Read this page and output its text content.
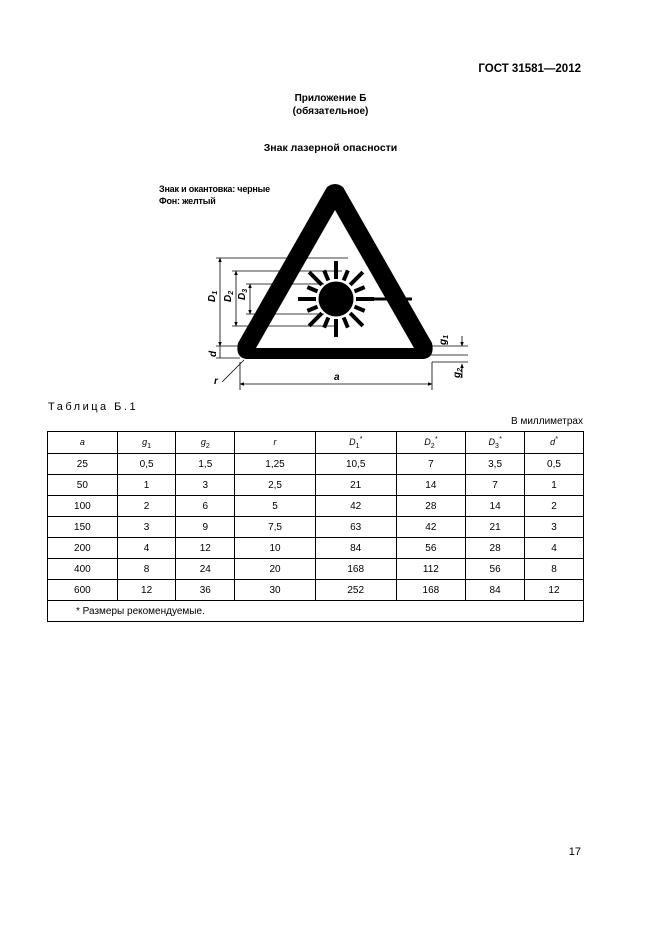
ГОСТ 31581—2012
Приложение Б
(обязательное)
Знак лазерной опасности
Знак и окантовка: черные
Фон: желтый
$D_1$
$D_2$ $D_3$
d
r	a
$g_1$
$g_2$
Таблица Б.1
В миллиметрах
a	$g_1$	$g_2$	r	$D_1^*$	$D_2^*$	$D_3^*$	d*
25	0,5	1,5	1,25	10,5	7	3,5	0,5
50	1	3	2,5	21	14	7	1
100	2	6	5	42	28	14	2
150	3	9	7,5	63	42	21	3
200	4	12	10	84	56	28	4
400	8	24	20	168	112	56	8
600	12	36	30	252	168	84	12
* Размеры рекомендуемые.							
17
